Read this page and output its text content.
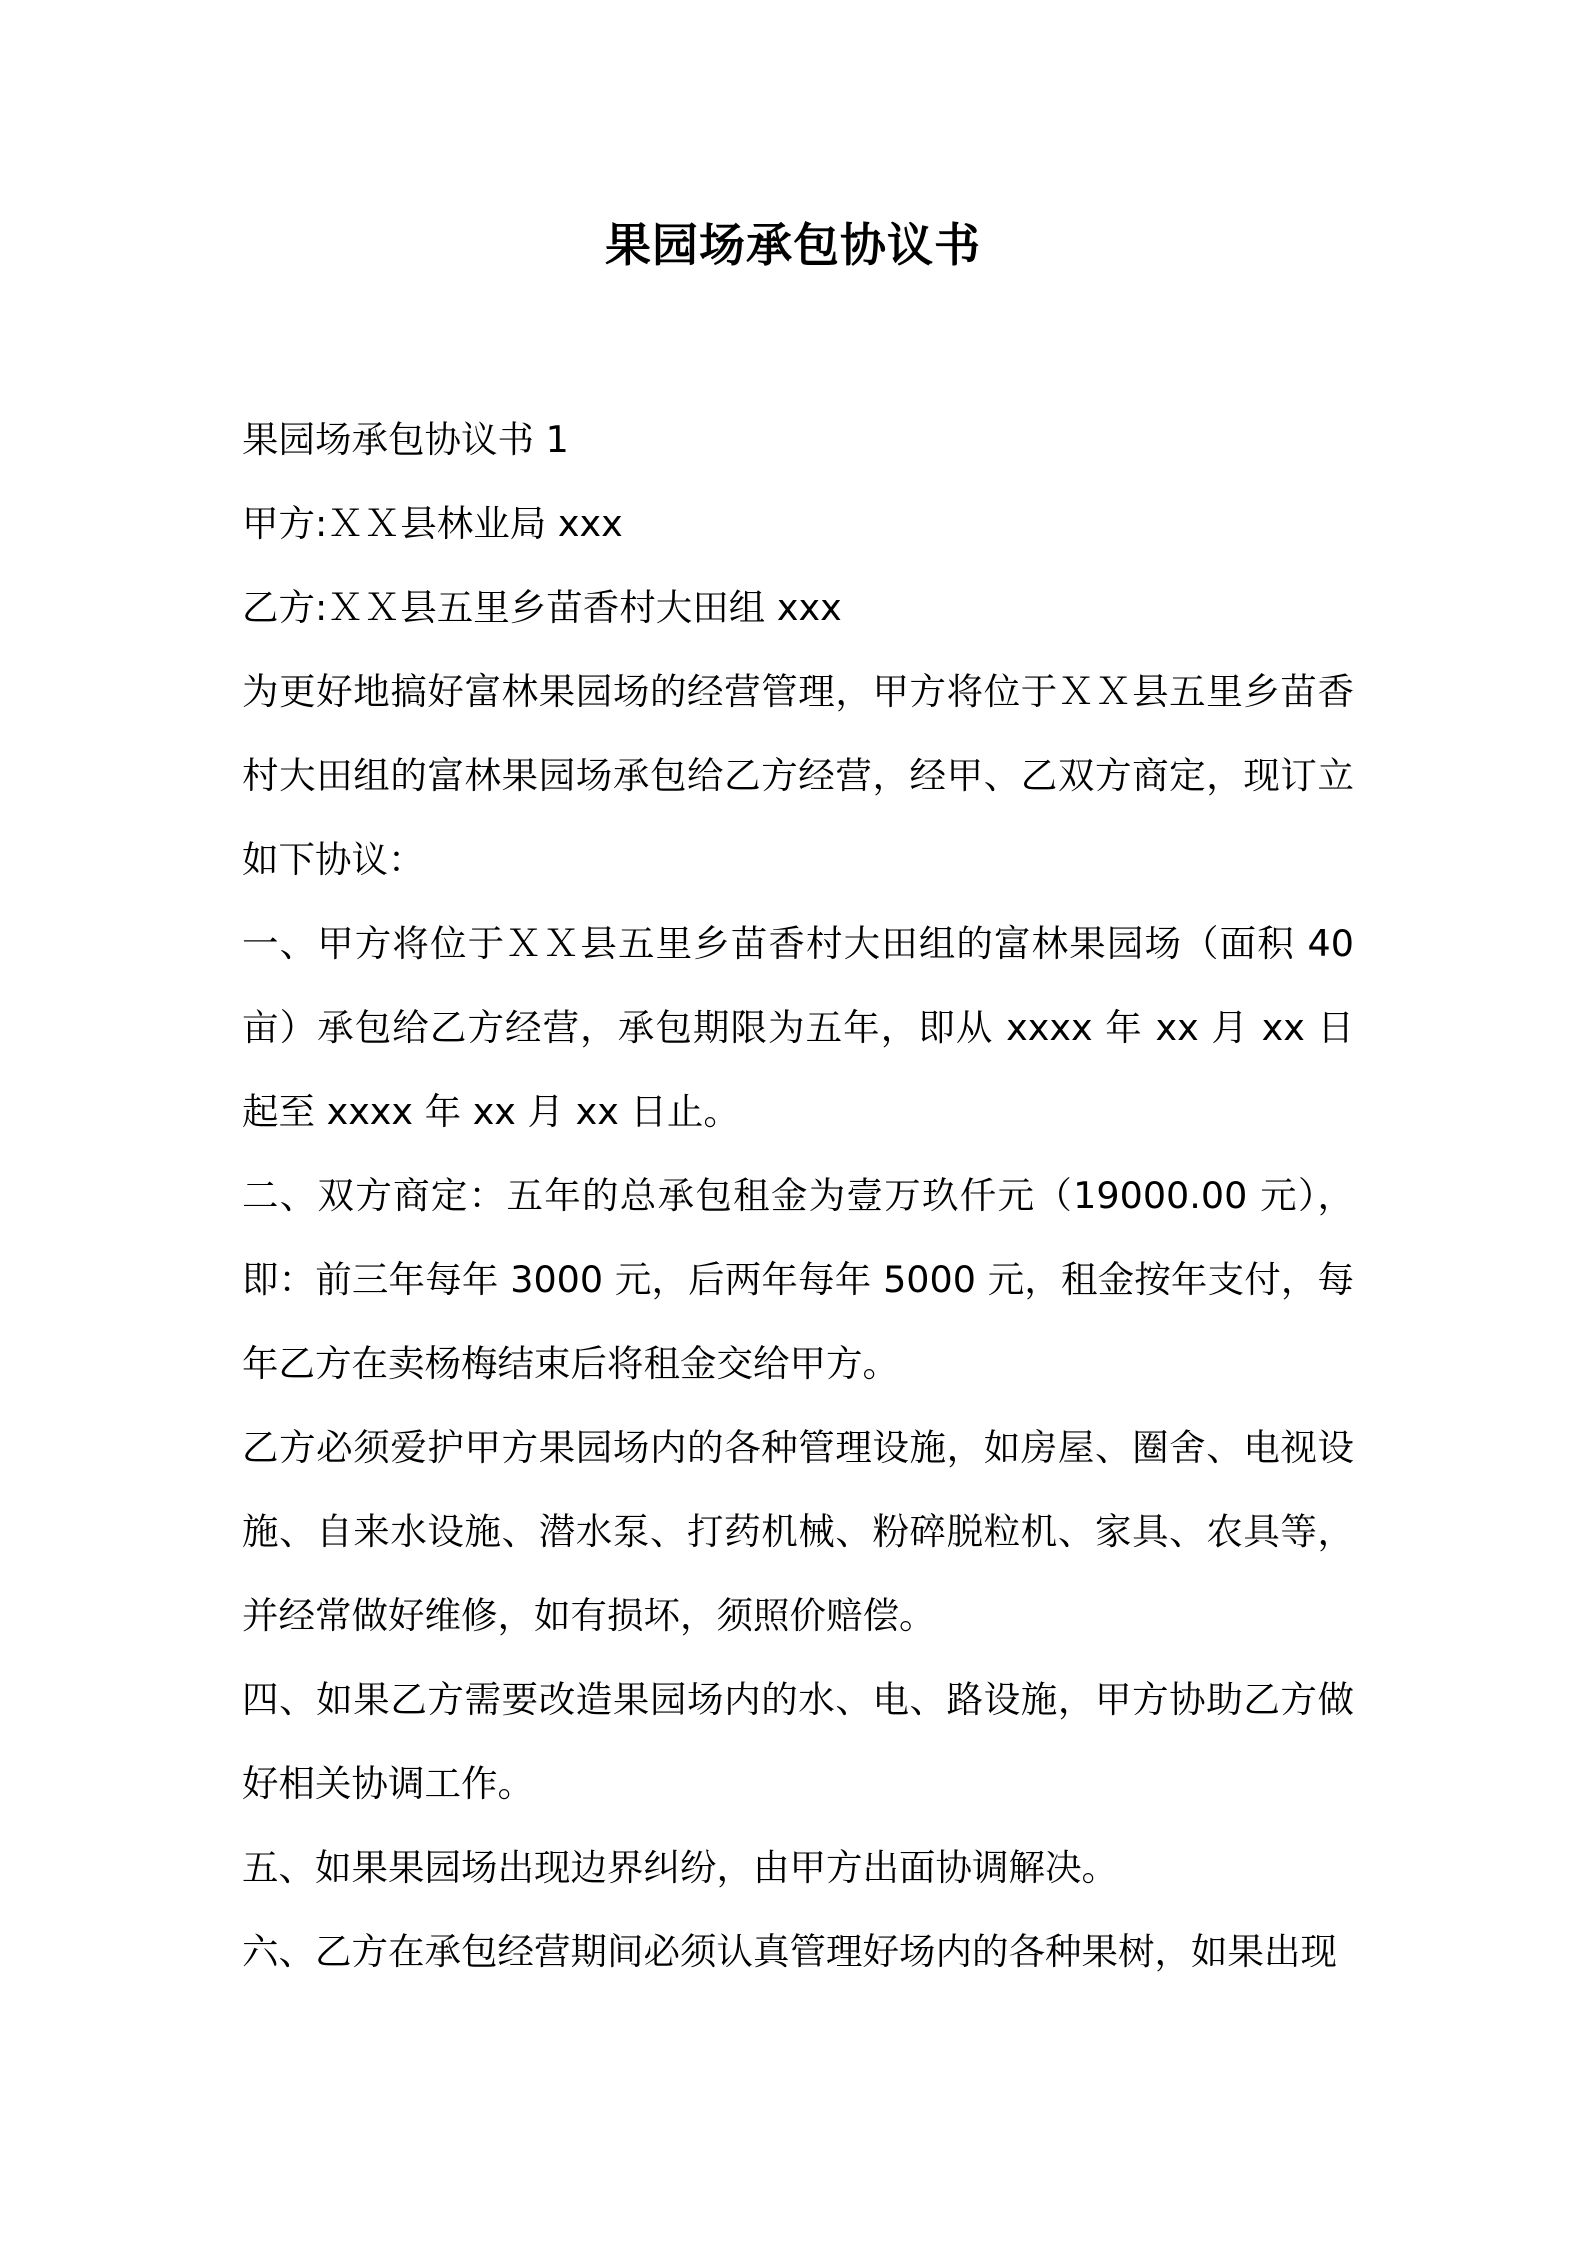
果园场承包协议书

果园场承包协议书 1

甲方:ＸＸ县林业局 xxx

乙方:ＸＸ县五里乡苗香村大田组 xxx

为更好地搞好富林果园场的经营管理，甲方将位于ＸＸ县五里乡苗香村大田组的富林果园场承包给乙方经营，经甲、乙双方商定，现订立如下协议：

一、甲方将位于ＸＸ县五里乡苗香村大田组的富林果园场（面积 40 亩）承包给乙方经营，承包期限为五年，即从 xxxx 年 xx 月 xx 日起至 xxxx 年 xx 月 xx 日止。

二、双方商定：五年的总承包租金为壹万玖仟元（19000.00 元），即：前三年每年 3000 元，后两年每年 5000 元，租金按年支付，每年乙方在卖杨梅结束后将租金交给甲方。

乙方必须爱护甲方果园场内的各种管理设施，如房屋、圈舍、电视设施、自来水设施、潜水泵、打药机械、粉碎脱粒机、家具、农具等，并经常做好维修，如有损坏，须照价赔偿。

四、如果乙方需要改造果园场内的水、电、路设施，甲方协助乙方做好相关协调工作。

五、如果果园场出现边界纠纷，由甲方出面协调解决。

六、乙方在承包经营期间必须认真管理好场内的各种果树，如果出现
